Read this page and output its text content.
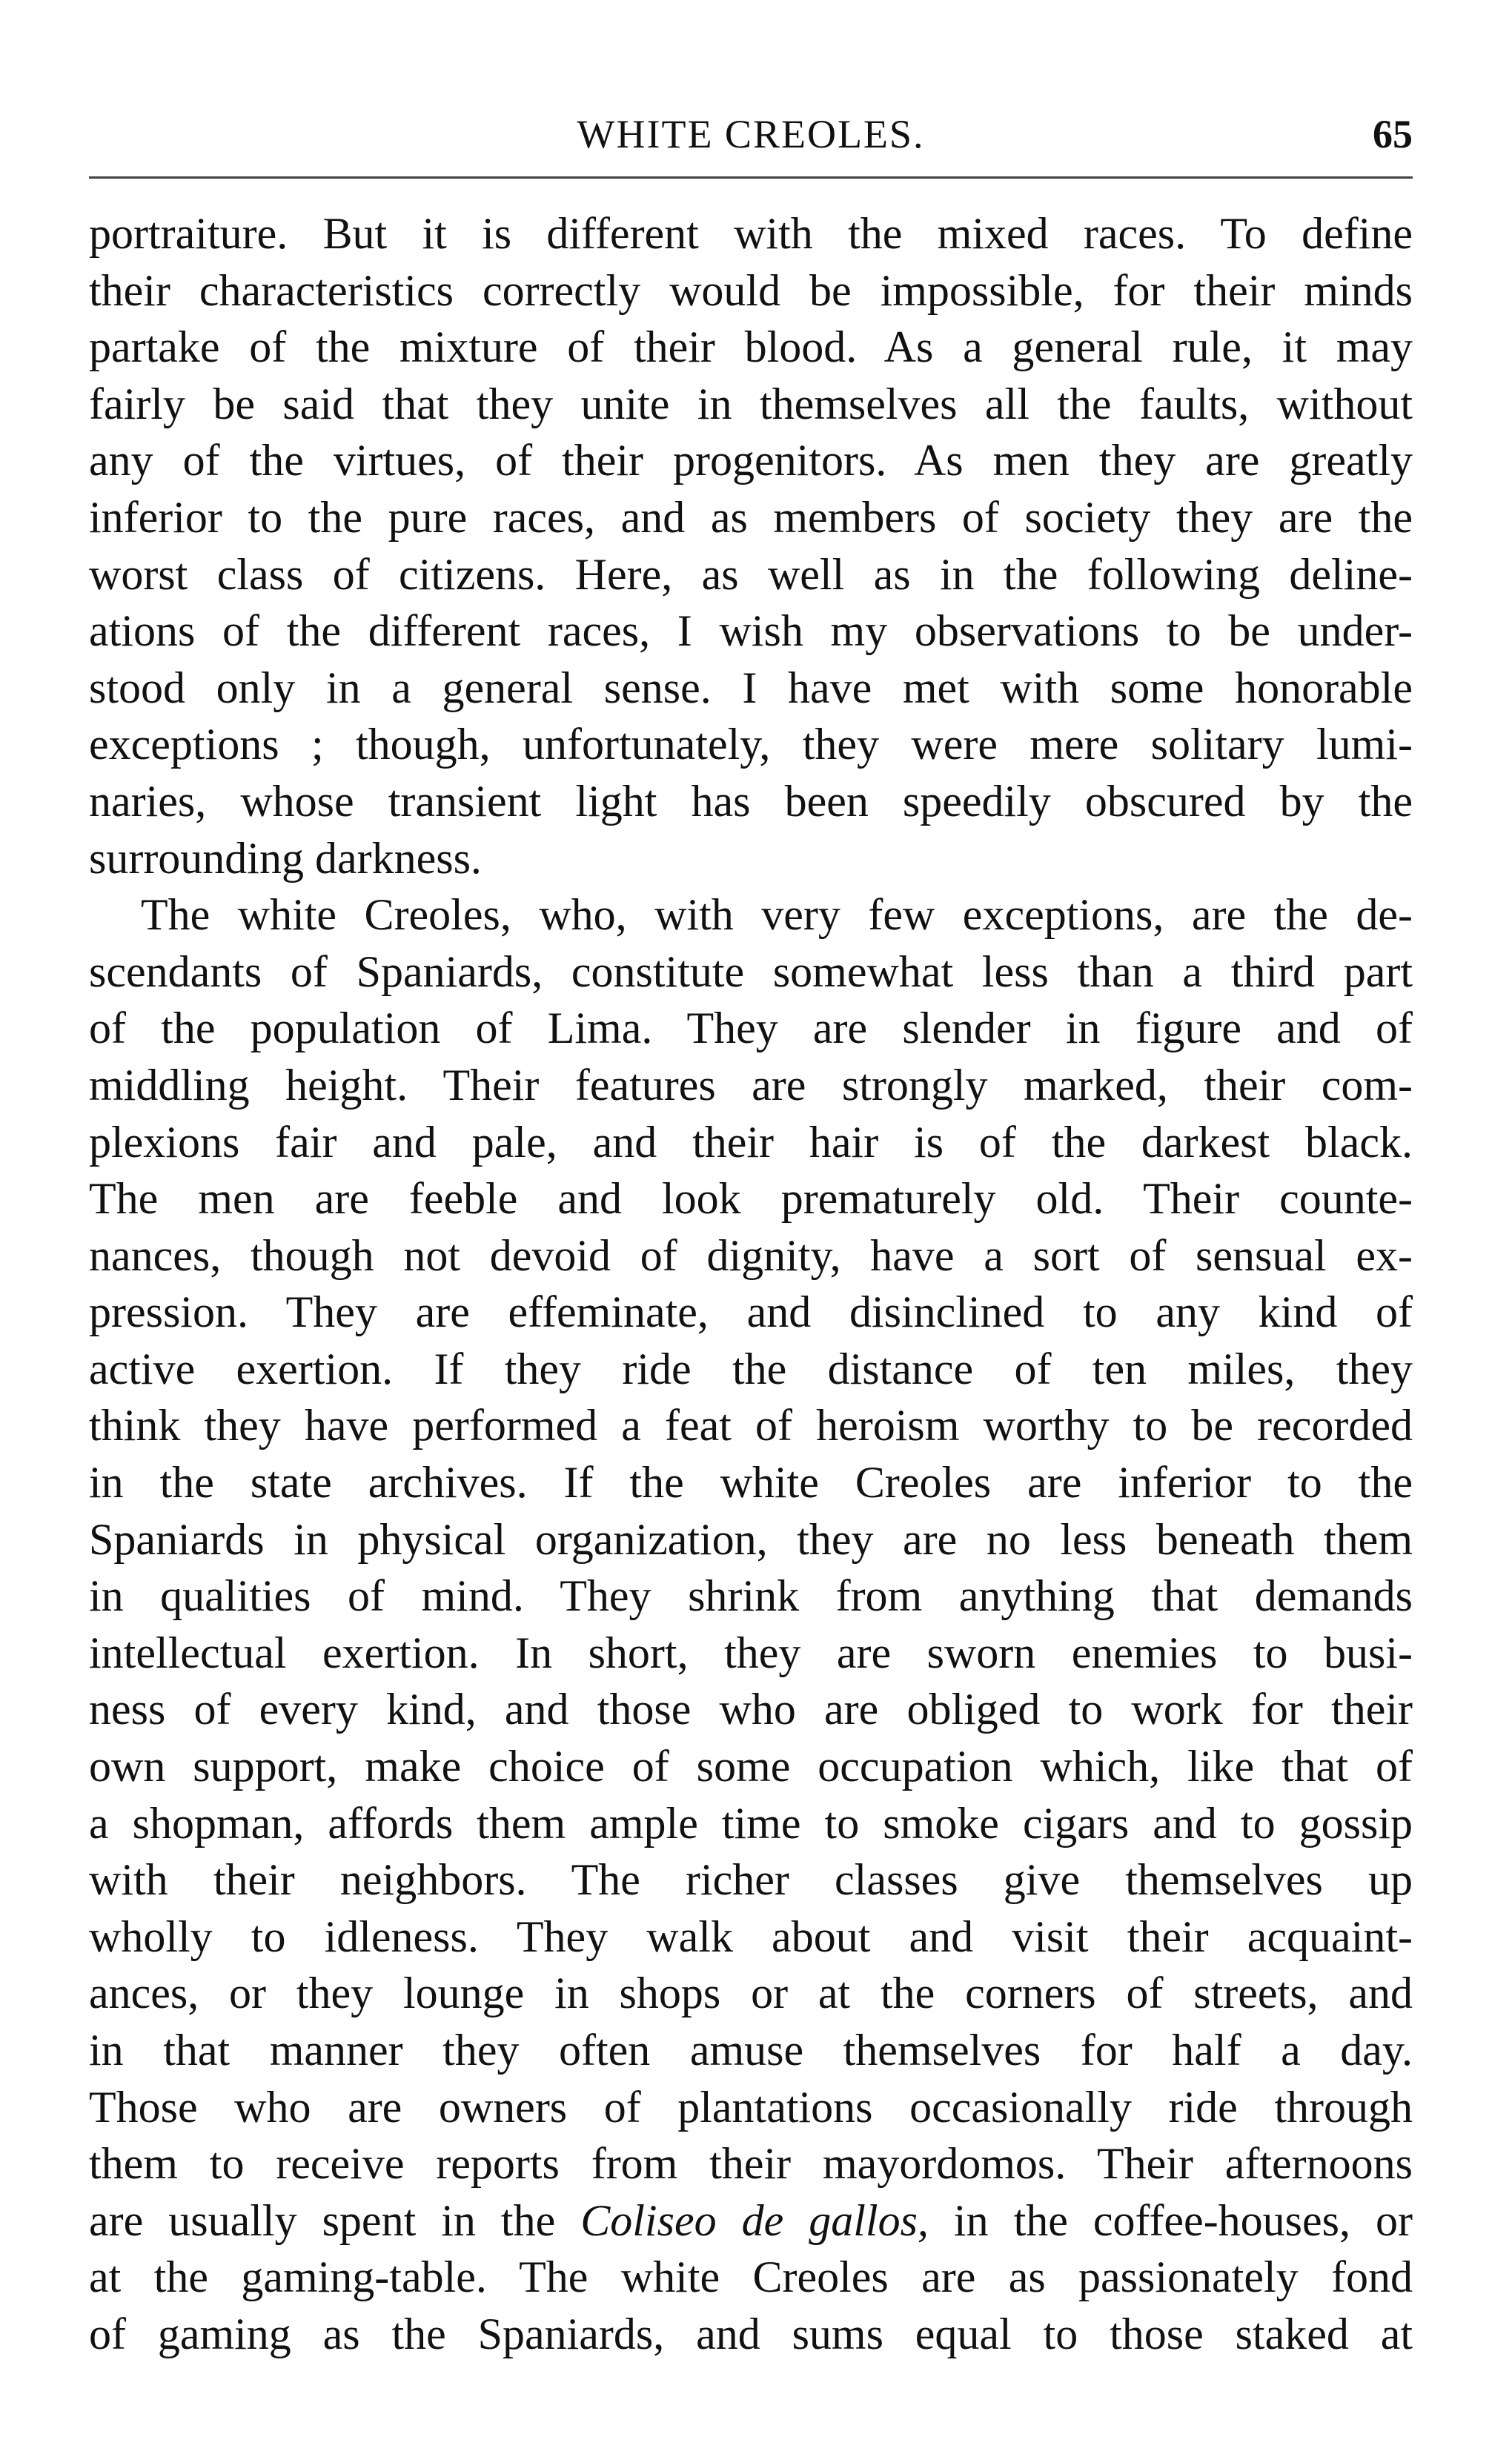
WHITE CREOLES.	65
portraiture. But it is different with the mixed races. To define
their characteristics correctly would be impossible, for their minds
partake of the mixture of their blood. As a general rule, it may
fairly be said that they unite in themselves all the faults, without
any of the virtues, of their progenitors. As men they are greatly
inferior to the pure races, and as members of society they are the
worst class of citizens. Here, as well as in the following deline-
ations of the different races, I wish my observations to be under-
stood only in a general sense. I have met with some honorable
exceptions ; though, unfortunately, they were mere solitary lumi-
naries, whose transient light has been speedily obscured by the
surrounding darkness.
The white Creoles, who, with very few exceptions, are the de-
scendants of Spaniards, constitute somewhat less than a third part
of the population of Lima. They are slender in figure and of
middling height. Their features are strongly marked, their com-
plexions fair and pale, and their hair is of the darkest black.
The men are feeble and look prematurely old. Their counte-
nances, though not devoid of dignity, have a sort of sensual ex-
pression. They are effeminate, and disinclined to any kind of
active exertion. If they ride the distance of ten miles, they
think they have performed a feat of heroism worthy to be recorded
in the state archives. If the white Creoles are inferior to the
Spaniards in physical organization, they are no less beneath them
in qualities of mind. They shrink from anything that demands
intellectual exertion. In short, they are sworn enemies to busi-
ness of every kind, and those who are obliged to work for their
own support, make choice of some occupation which, like that of
a shopman, affords them ample time to smoke cigars and to gossip
with their neighbors. The richer classes give themselves up
wholly to idleness. They walk about and visit their acquaint-
ances, or they lounge in shops or at the corners of streets, and
in that manner they often amuse themselves for half a day.
Those who are owners of plantations occasionally ride through
them to receive reports from their mayordomos. Their afternoons
are usually spent in the Coliseo de gallos, in the coffee-houses, or
at the gaming-table. The white Creoles are as passionately fond
of gaming as the Spaniards, and sums equal to those staked at
